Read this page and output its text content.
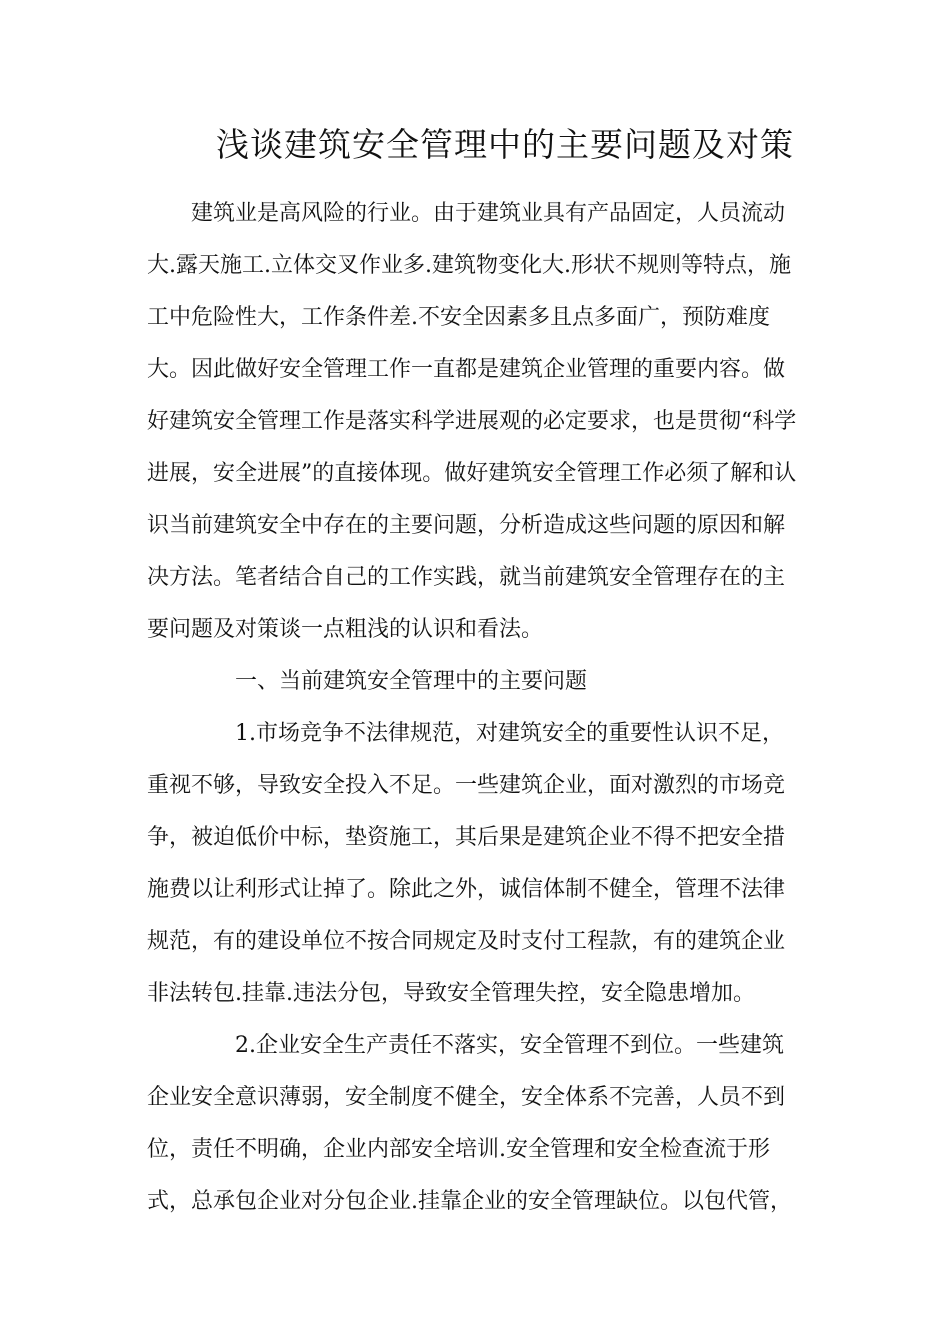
浅谈建筑安全管理中的主要问题及对策
建筑业是高风险的行业。由于建筑业具有产品固定，人员流动
大.露天施工.立体交叉作业多.建筑物变化大.形状不规则等特点，施
工中危险性大，工作条件差.不安全因素多且点多面广，预防难度
大。因此做好安全管理工作一直都是建筑企业管理的重要内容。做
好建筑安全管理工作是落实科学进展观的必定要求，也是贯彻“科学
进展，安全进展”的直接体现。做好建筑安全管理工作必须了解和认
识当前建筑安全中存在的主要问题，分析造成这些问题的原因和解
决方法。笔者结合自己的工作实践，就当前建筑安全管理存在的主
要问题及对策谈一点粗浅的认识和看法。
一、当前建筑安全管理中的主要问题
1.市场竞争不法律规范，对建筑安全的重要性认识不足，
重视不够，导致安全投入不足。一些建筑企业，面对激烈的市场竞
争，被迫低价中标，垫资施工，其后果是建筑企业不得不把安全措
施费以让利形式让掉了。除此之外，诚信体制不健全，管理不法律
规范，有的建设单位不按合同规定及时支付工程款，有的建筑企业
非法转包.挂靠.违法分包，导致安全管理失控，安全隐患增加。
2.企业安全生产责任不落实，安全管理不到位。一些建筑
企业安全意识薄弱，安全制度不健全，安全体系不完善，人员不到
位，责任不明确，企业内部安全培训.安全管理和安全检查流于形
式，总承包企业对分包企业.挂靠企业的安全管理缺位。以包代管，
